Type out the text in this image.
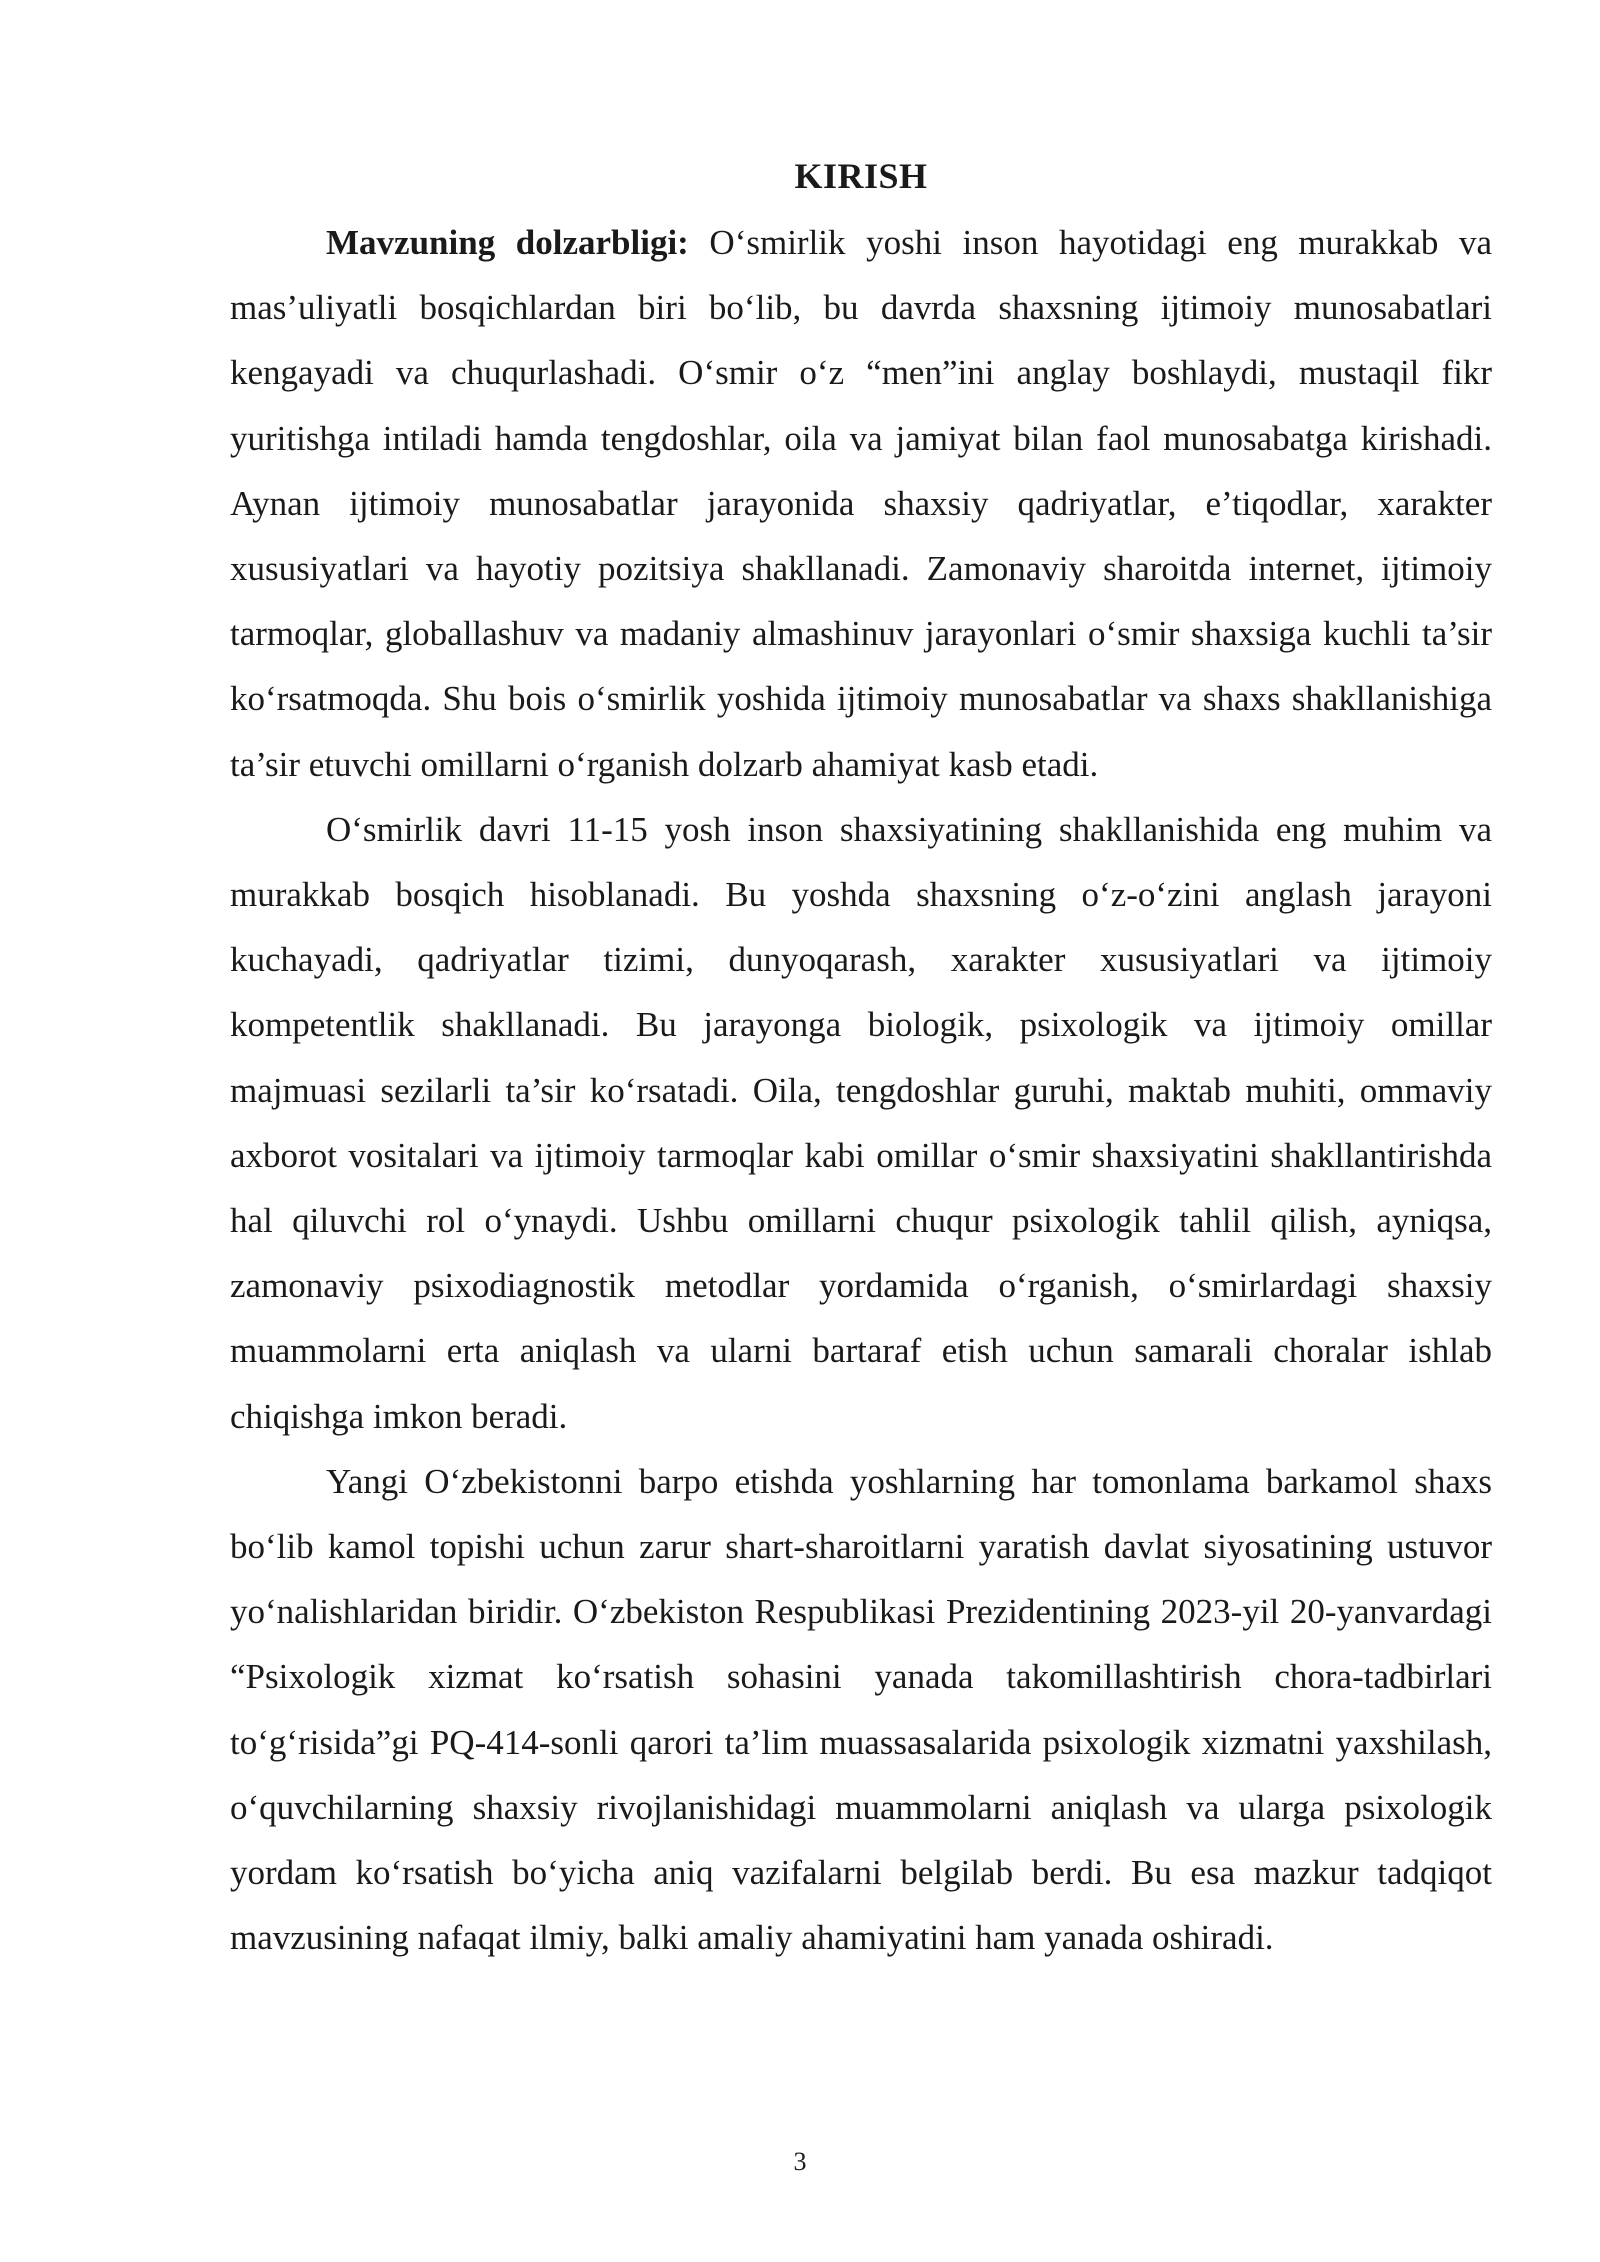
KIRISH

Mavzuning dolzarbligi: O‘smirlik yoshi inson hayotidagi eng murakkab va mas’uliyatli bosqichlardan biri bo‘lib, bu davrda shaxsning ijtimoiy munosabatlari kengayadi va chuqurlashadi. O‘smir o‘z “men”ini anglay boshlaydi, mustaqil fikr yuritishga intiladi hamda tengdoshlar, oila va jamiyat bilan faol munosabatga kirishadi. Aynan ijtimoiy munosabatlar jarayonida shaxsiy qadriyatlar, e’tiqodlar, xarakter xususiyatlari va hayotiy pozitsiya shakllanadi. Zamonaviy sharoitda internet, ijtimoiy tarmoqlar, globallashuv va madaniy almashinuv jarayonlari o‘smir shaxsiga kuchli ta’sir ko‘rsatmoqda. Shu bois o‘smirlik yoshida ijtimoiy munosabatlar va shaxs shakllanishiga ta’sir etuvchi omillarni o‘rganish dolzarb ahamiyat kasb etadi.

O‘smirlik davri 11-15 yosh inson shaxsiyatining shakllanishida eng muhim va murakkab bosqich hisoblanadi. Bu yoshda shaxsning o‘z-o‘zini anglash jarayoni kuchayadi, qadriyatlar tizimi, dunyoqarash, xarakter xususiyatlari va ijtimoiy kompetentlik shakllanadi. Bu jarayonga biologik, psixologik va ijtimoiy omillar majmuasi sezilarli ta’sir ko‘rsatadi. Oila, tengdoshlar guruhi, maktab muhiti, ommaviy axborot vositalari va ijtimoiy tarmoqlar kabi omillar o‘smir shaxsiyatini shakllantirishda hal qiluvchi rol o‘ynaydi. Ushbu omillarni chuqur psixologik tahlil qilish, ayniqsa, zamonaviy psixodiagnostik metodlar yordamida o‘rganish, o‘smirlardagi shaxsiy muammolarni erta aniqlash va ularni bartaraf etish uchun samarali choralar ishlab chiqishga imkon beradi.

Yangi O‘zbekistonni barpo etishda yoshlarning har tomonlama barkamol shaxs bo‘lib kamol topishi uchun zarur shart-sharoitlarni yaratish davlat siyosatining ustuvor yo‘nalishlaridan biridir. O‘zbekiston Respublikasi Prezidentining 2023-yil 20-yanvardagi “Psixologik xizmat ko‘rsatish sohasini yanada takomillashtirish chora-tadbirlari to‘g‘risida”gi PQ-414-sonli qarori ta’lim muassasalarida psixologik xizmatni yaxshilash, o‘quvchilarning shaxsiy rivojlanishidagi muammolarni aniqlash va ularga psixologik yordam ko‘rsatish bo‘yicha aniq vazifalarni belgilab berdi. Bu esa mazkur tadqiqot mavzusining nafaqat ilmiy, balki amaliy ahamiyatini ham yanada oshiradi.

3
